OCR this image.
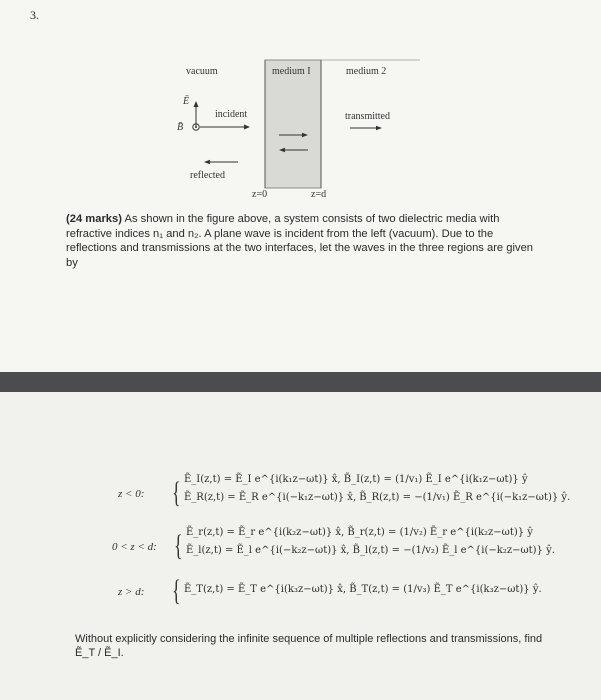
3.
vacuum	medium I	medium 2
Ē
B̄
incident	transmitted
reflected
z=0	z=d
(24 marks) As shown in the figure above, a system consists of two dielectric media with refractive indices n₁ and n₂. A plane wave is incident from the left (vacuum). Due to the reflections and transmissions at the two interfaces, let the waves in the three regions are given by
z < 0: { Ẽ_I(z,t) = Ẽ_I e^{i(k₁z−ωt)} x̂, B̃_I(z,t) = (1/v₁) Ẽ_I e^{i(k₁z−ωt)} ŷ
Ẽ_R(z,t) = Ẽ_R e^{i(−k₁z−ωt)} x̂, B̃_R(z,t) = −(1/v₁) Ẽ_R e^{i(−k₁z−ωt)} ŷ.
0 < z < d: { Ẽ_r(z,t) = Ẽ_r e^{i(k₂z−ωt)} x̂, B̃_r(z,t) = (1/v₂) Ẽ_r e^{i(k₂z−ωt)} ŷ
Ẽ_l(z,t) = Ẽ_l e^{i(−k₂z−ωt)} x̂, B̃_l(z,t) = −(1/v₂) Ẽ_l e^{i(−k₂z−ωt)} ŷ.
z > d: { Ẽ_T(z,t) = Ẽ_T e^{i(k₃z−ωt)} x̂, B̃_T(z,t) = (1/v₃) Ẽ_T e^{i(k₃z−ωt)} ŷ.
Without explicitly considering the infinite sequence of multiple reflections and transmissions, find Ẽ_T / Ẽ_I.
